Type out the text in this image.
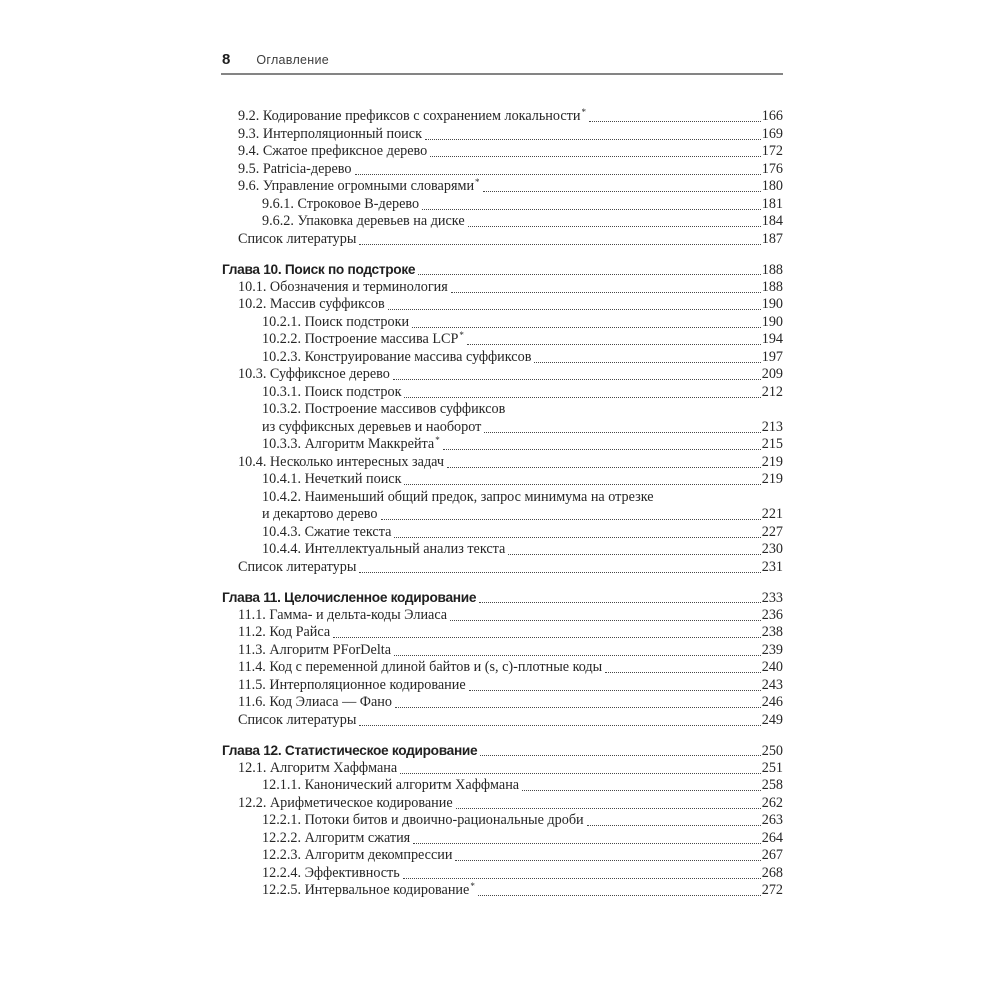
8 Оглавление
9.2. Кодирование префиксов с сохранением локальности*	166
9.3. Интерполяционный поиск	169
9.4. Сжатое префиксное дерево	172
9.5. Patricia-дерево	176
9.6. Управление огромными словарями*	180
9.6.1. Строковое B-дерево	181
9.6.2. Упаковка деревьев на диске	184
Список литературы	187
Глава 10. Поиск по подстроке	188
10.1. Обозначения и терминология	188
10.2. Массив суффиксов	190
10.2.1. Поиск подстроки	190
10.2.2. Построение массива LCP*	194
10.2.3. Конструирование массива суффиксов	197
10.3. Суффиксное дерево	209
10.3.1. Поиск подстрок	212
10.3.2. Построение массивов суффиксов
из суффиксных деревьев и наоборот	213
10.3.3. Алгоритм Маккрейта*	215
10.4. Несколько интересных задач	219
10.4.1. Нечеткий поиск	219
10.4.2. Наименьший общий предок, запрос минимума на отрезке
и декартово дерево	221
10.4.3. Сжатие текста	227
10.4.4. Интеллектуальный анализ текста	230
Список литературы	231
Глава 11. Целочисленное кодирование	233
11.1. Гамма- и дельта-коды Элиаса	236
11.2. Код Райса	238
11.3. Алгоритм PForDelta	239
11.4. Код с переменной длиной байтов и (s, c)-плотные коды	240
11.5. Интерполяционное кодирование	243
11.6. Код Элиаса — Фано	246
Список литературы	249
Глава 12. Статистическое кодирование	250
12.1. Алгоритм Хаффмана	251
12.1.1. Канонический алгоритм Хаффмана	258
12.2. Арифметическое кодирование	262
12.2.1. Потоки битов и двоично-рациональные дроби	263
12.2.2. Алгоритм сжатия	264
12.2.3. Алгоритм декомпрессии	267
12.2.4. Эффективность	268
12.2.5. Интервальное кодирование*	272
